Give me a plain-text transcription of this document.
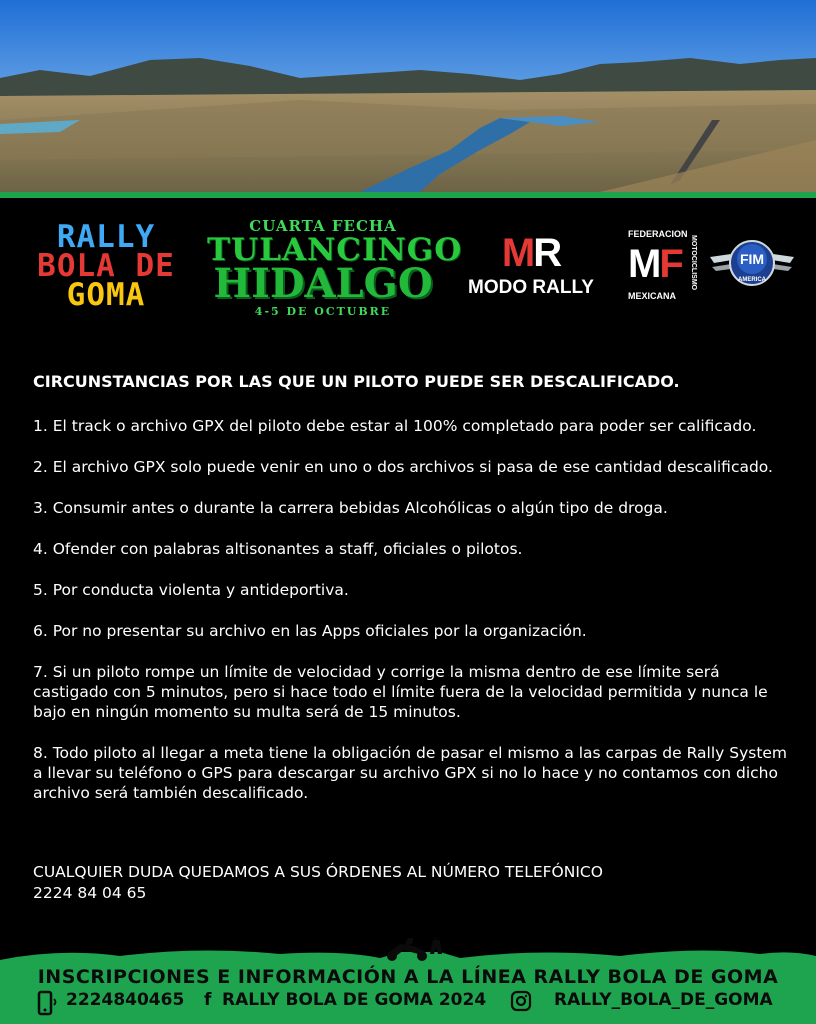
RALLY
BOLA DE
GOMA
CUARTA FECHA
TULANCINGO
HIDALGO
4-5 DE OCTUBRE
MR
MODO RALLY
FEDERACION
MF MOTOCICLISMO
MEXICANA
FIM
AMERICA
CIRCUNSTANCIAS POR LAS QUE UN PILOTO PUEDE SER DESCALIFICADO.
1. El track o archivo GPX del piloto debe estar al 100% completado para poder ser calificado.
2. El archivo GPX solo puede venir en uno o dos archivos si pasa de ese cantidad descalificado.
3. Consumir antes o durante la carrera bebidas Alcohólicas o algún tipo de droga.
4. Ofender con palabras altisonantes a staff, oficiales o pilotos.
5. Por conducta violenta y antideportiva.
6. Por no presentar su archivo en las Apps oficiales por la organización.
7. Si un piloto rompe un límite de velocidad y corrige la misma dentro de ese límite será castigado con 5 minutos, pero si hace todo el límite fuera de la velocidad permitida y nunca le bajo en ningún momento su multa será de 15 minutos.
8. Todo piloto al llegar a meta tiene la obligación de pasar el mismo a las carpas de Rally System a llevar su teléfono o GPS para descargar su archivo GPX si no lo hace y no contamos con dicho archivo será también descalificado.
CUALQUIER DUDA QUEDAMOS A SUS ÓRDENES AL NÚMERO TELEFÓNICO
2224 84 04 65
INSCRIPCIONES E INFORMACIÓN A LA LÍNEA RALLY BOLA DE GOMA
2224840465 f RALLY BOLA DE GOMA 2024	RALLY_BOLA_DE_GOMA
